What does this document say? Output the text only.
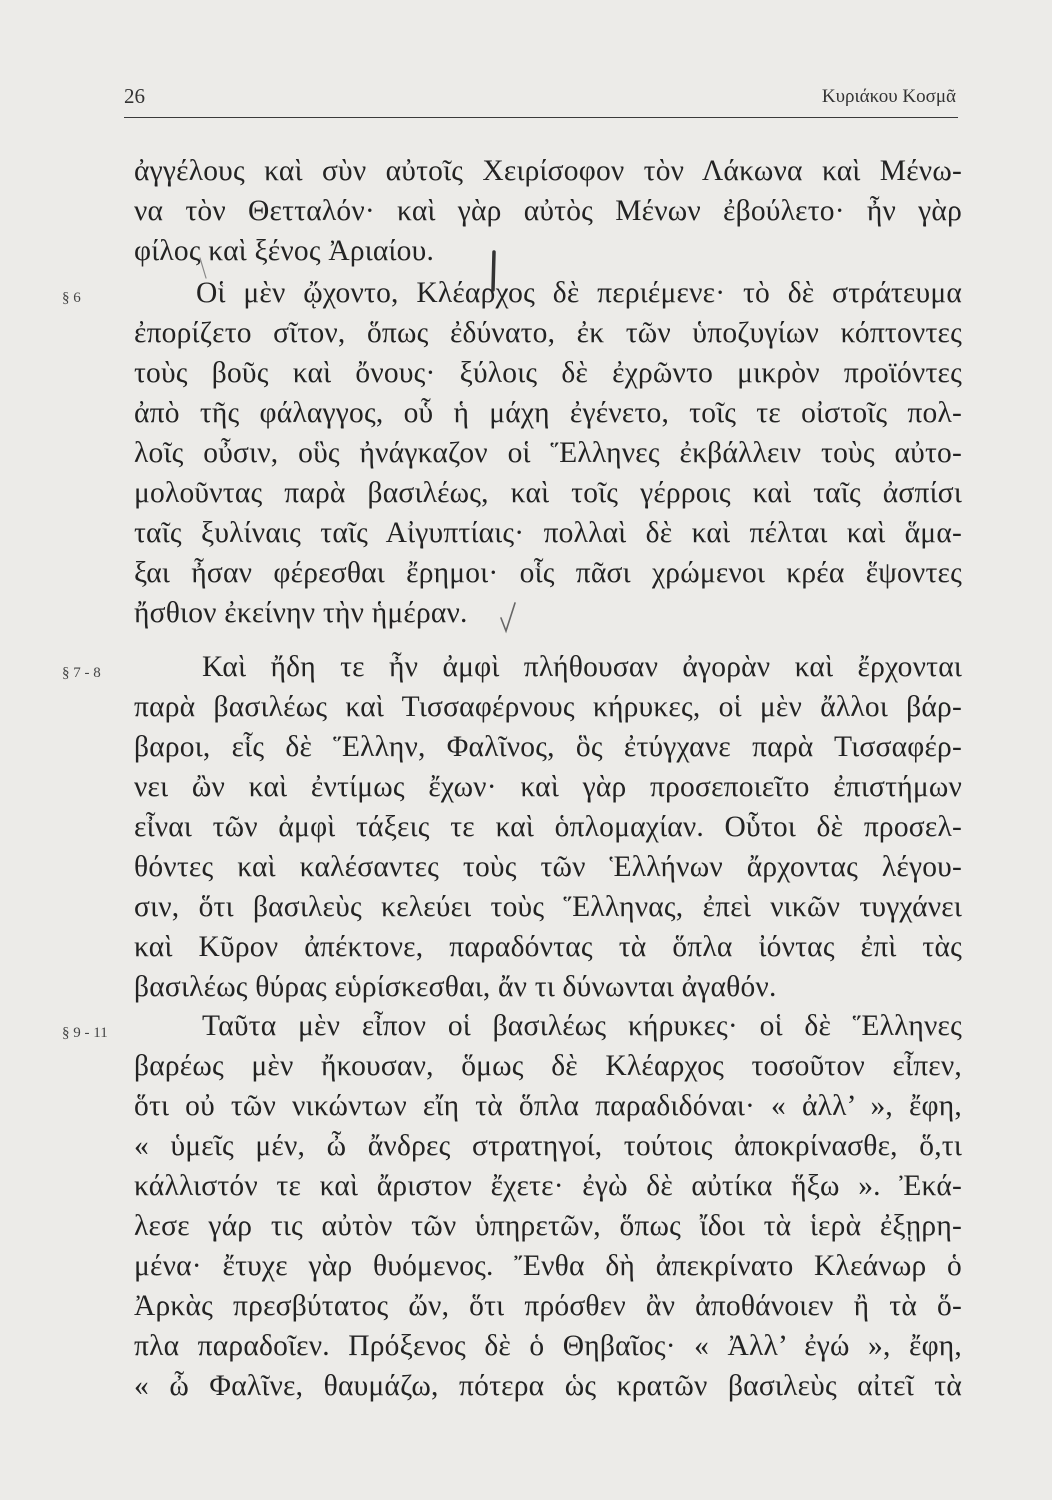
26	Κυριάκου Κοσμᾶ
§ 6
§ 7 - 8
§ 9 - 11
ἀγγέλους καὶ σὺν αὐτοῖς Χειρίσοφον τὸν Λάκωνα καὶ Μένω-
να τὸν Θετταλόν· καὶ γὰρ αὐτὸς Μένων ἐβούλετο· ἦν γὰρ
φίλος καὶ ξένος Ἀριαίου.
Οἱ μὲν ᾤχοντο, Κλέαρχος δὲ περιέμενε· τὸ δὲ στράτευμα
ἐπορίζετο σῖτον, ὅπως ἐδύνατο, ἐκ τῶν ὑποζυγίων κόπτοντες
τοὺς βοῦς καὶ ὄνους· ξύλοις δὲ ἐχρῶντο μικρὸν προϊόντες
ἀπὸ τῆς φάλαγγος, οὗ ἡ μάχη ἐγένετο, τοῖς τε οἰστοῖς πολ-
λοῖς οὖσιν, οὓς ἠνάγκαζον οἱ Ἕλληνες ἐκβάλλειν τοὺς αὐτο-
μολοῦντας παρὰ βασιλέως, καὶ τοῖς γέρροις καὶ ταῖς ἀσπίσι
ταῖς ξυλίναις ταῖς Αἰγυπτίαις· πολλαὶ δὲ καὶ πέλται καὶ ἅμα-
ξαι ἦσαν φέρεσθαι ἔρημοι· οἷς πᾶσι χρώμενοι κρέα ἕψοντες
ἤσθιον ἐκείνην τὴν ἡμέραν.
Καὶ ἤδη τε ἦν ἀμφὶ πλήθουσαν ἀγορὰν καὶ ἔρχονται
παρὰ βασιλέως καὶ Τισσαφέρνους κήρυκες, οἱ μὲν ἄλλοι βάρ-
βαροι, εἷς δὲ Ἕλλην, Φαλῖνος, ὃς ἐτύγχανε παρὰ Τισσαφέρ-
νει ὢν καὶ ἐντίμως ἔχων· καὶ γὰρ προσεποιεῖτο ἐπιστήμων
εἶναι τῶν ἀμφὶ τάξεις τε καὶ ὁπλομαχίαν. Οὗτοι δὲ προσελ-
θόντες καὶ καλέσαντες τοὺς τῶν Ἑλλήνων ἄρχοντας λέγου-
σιν, ὅτι βασιλεὺς κελεύει τοὺς Ἕλληνας, ἐπεὶ νικῶν τυγχάνει
καὶ Κῦρον ἀπέκτονε, παραδόντας τὰ ὅπλα ἰόντας ἐπὶ τὰς
βασιλέως θύρας εὑρίσκεσθαι, ἄν τι δύνωνται ἀγαθόν.
Ταῦτα μὲν εἶπον οἱ βασιλέως κήρυκες· οἱ δὲ Ἕλληνες
βαρέως μὲν ἤκουσαν, ὅμως δὲ Κλέαρχος τοσοῦτον εἶπεν,
ὅτι οὐ τῶν νικώντων εἴη τὰ ὅπλα παραδιδόναι· « ἀλλ’ », ἔφη,
« ὑμεῖς μέν, ὦ ἄνδρες στρατηγοί, τούτοις ἀποκρίνασθε, ὅ,τι
κάλλιστόν τε καὶ ἄριστον ἔχετε· ἐγὼ δὲ αὐτίκα ἥξω ». Ἐκά-
λεσε γάρ τις αὐτὸν τῶν ὑπηρετῶν, ὅπως ἴδοι τὰ ἱερὰ ἐξῃρη-
μένα· ἔτυχε γὰρ θυόμενος. Ἔνθα δὴ ἀπεκρίνατο Κλεάνωρ ὁ
Ἀρκὰς πρεσβύτατος ὤν, ὅτι πρόσθεν ἂν ἀποθάνοιεν ἢ τὰ ὅ-
πλα παραδοῖεν. Πρόξενος δὲ ὁ Θηβαῖος· « Ἀλλ’ ἐγώ », ἔφη,
« ὦ Φαλῖνε, θαυμάζω, πότερα ὡς κρατῶν βασιλεὺς αἰτεῖ τὰ
